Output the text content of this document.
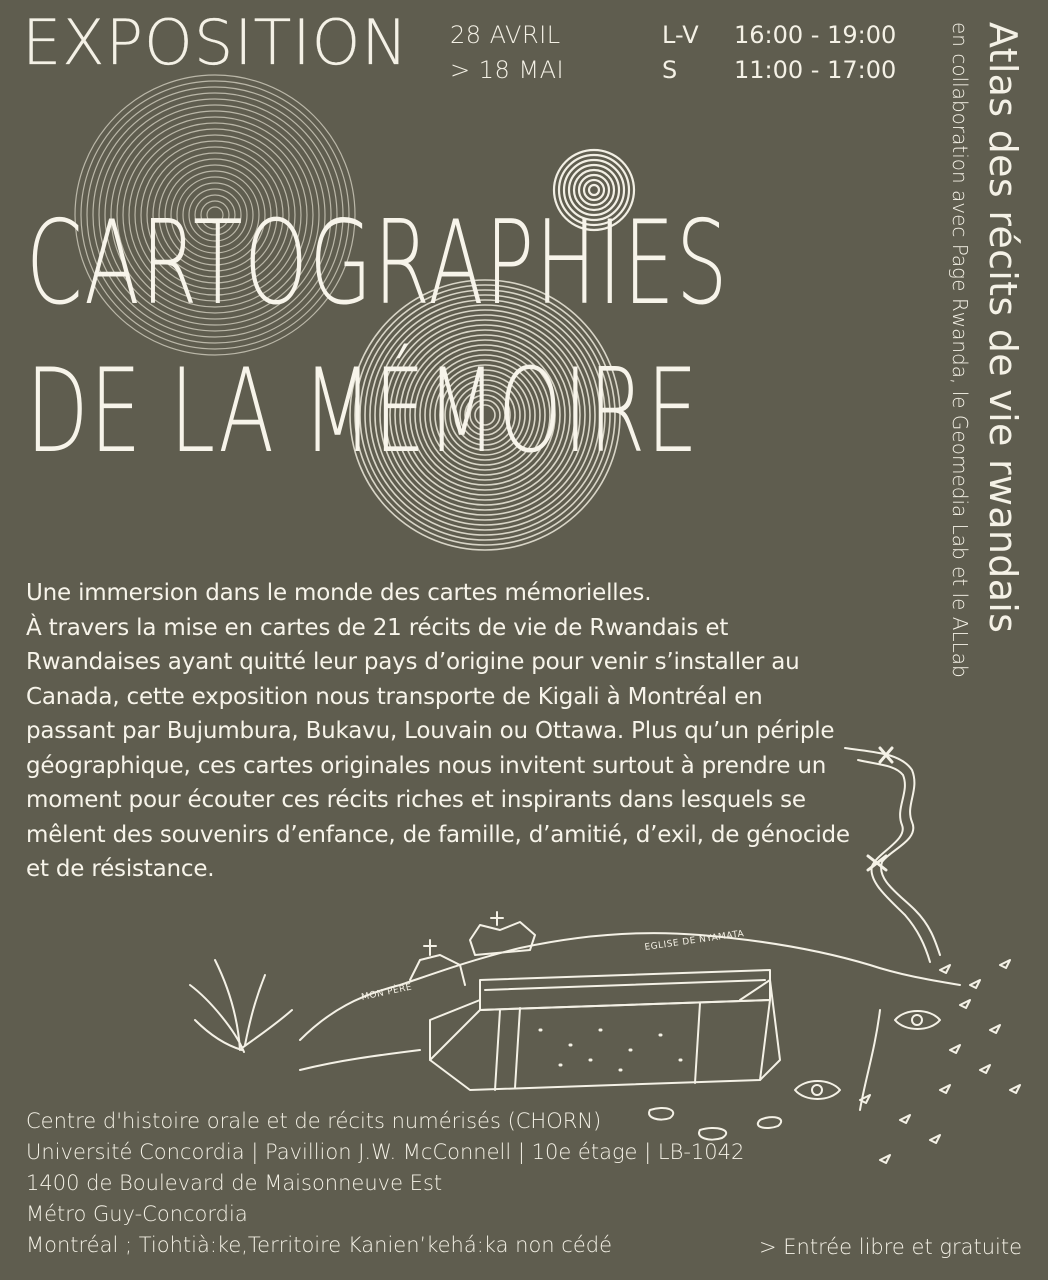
EXPOSITION 28 AVRIL
> 18 MAI
L-V	16:00 - 19:00
S	11:00 - 17:00 Atlas des récits de vie rwandais
en collaboration avec Page Rwanda, le Geomedia Lab et le ALLab
CARTOGRAPHIES
DE LA MÉMOIRE

Une immersion dans le monde des cartes mémorielles.

À travers la mise en cartes de 21 récits de vie de Rwandais et Rwandaises ayant quitté leur pays d’origine pour venir s’installer au Canada, cette exposition nous transporte de Kigali à Montréal en passant par Bujumbura, Bukavu, Louvain ou Ottawa. Plus qu’un périple géographique, ces cartes originales nous invitent surtout à prendre un moment pour écouter ces récits riches et inspirants dans lesquels se mêlent des souvenirs d’enfance, de famille, d’amitié, d’exil, de génocide et de résistance.

EGLISE DE NYAMATA
MON PÈRE
Centre d'histoire orale et de récits numérisés (CHORN)
Université Concordia | Pavillion J.W. McConnell | 10e étage | LB-1042
1400 de Boulevard de Maisonneuve Est
Métro Guy-Concordia
Montréal ; Tiohtià:ke,Territoire Kanien’kehá:ka non cédé	> Entrée libre et gratuite
